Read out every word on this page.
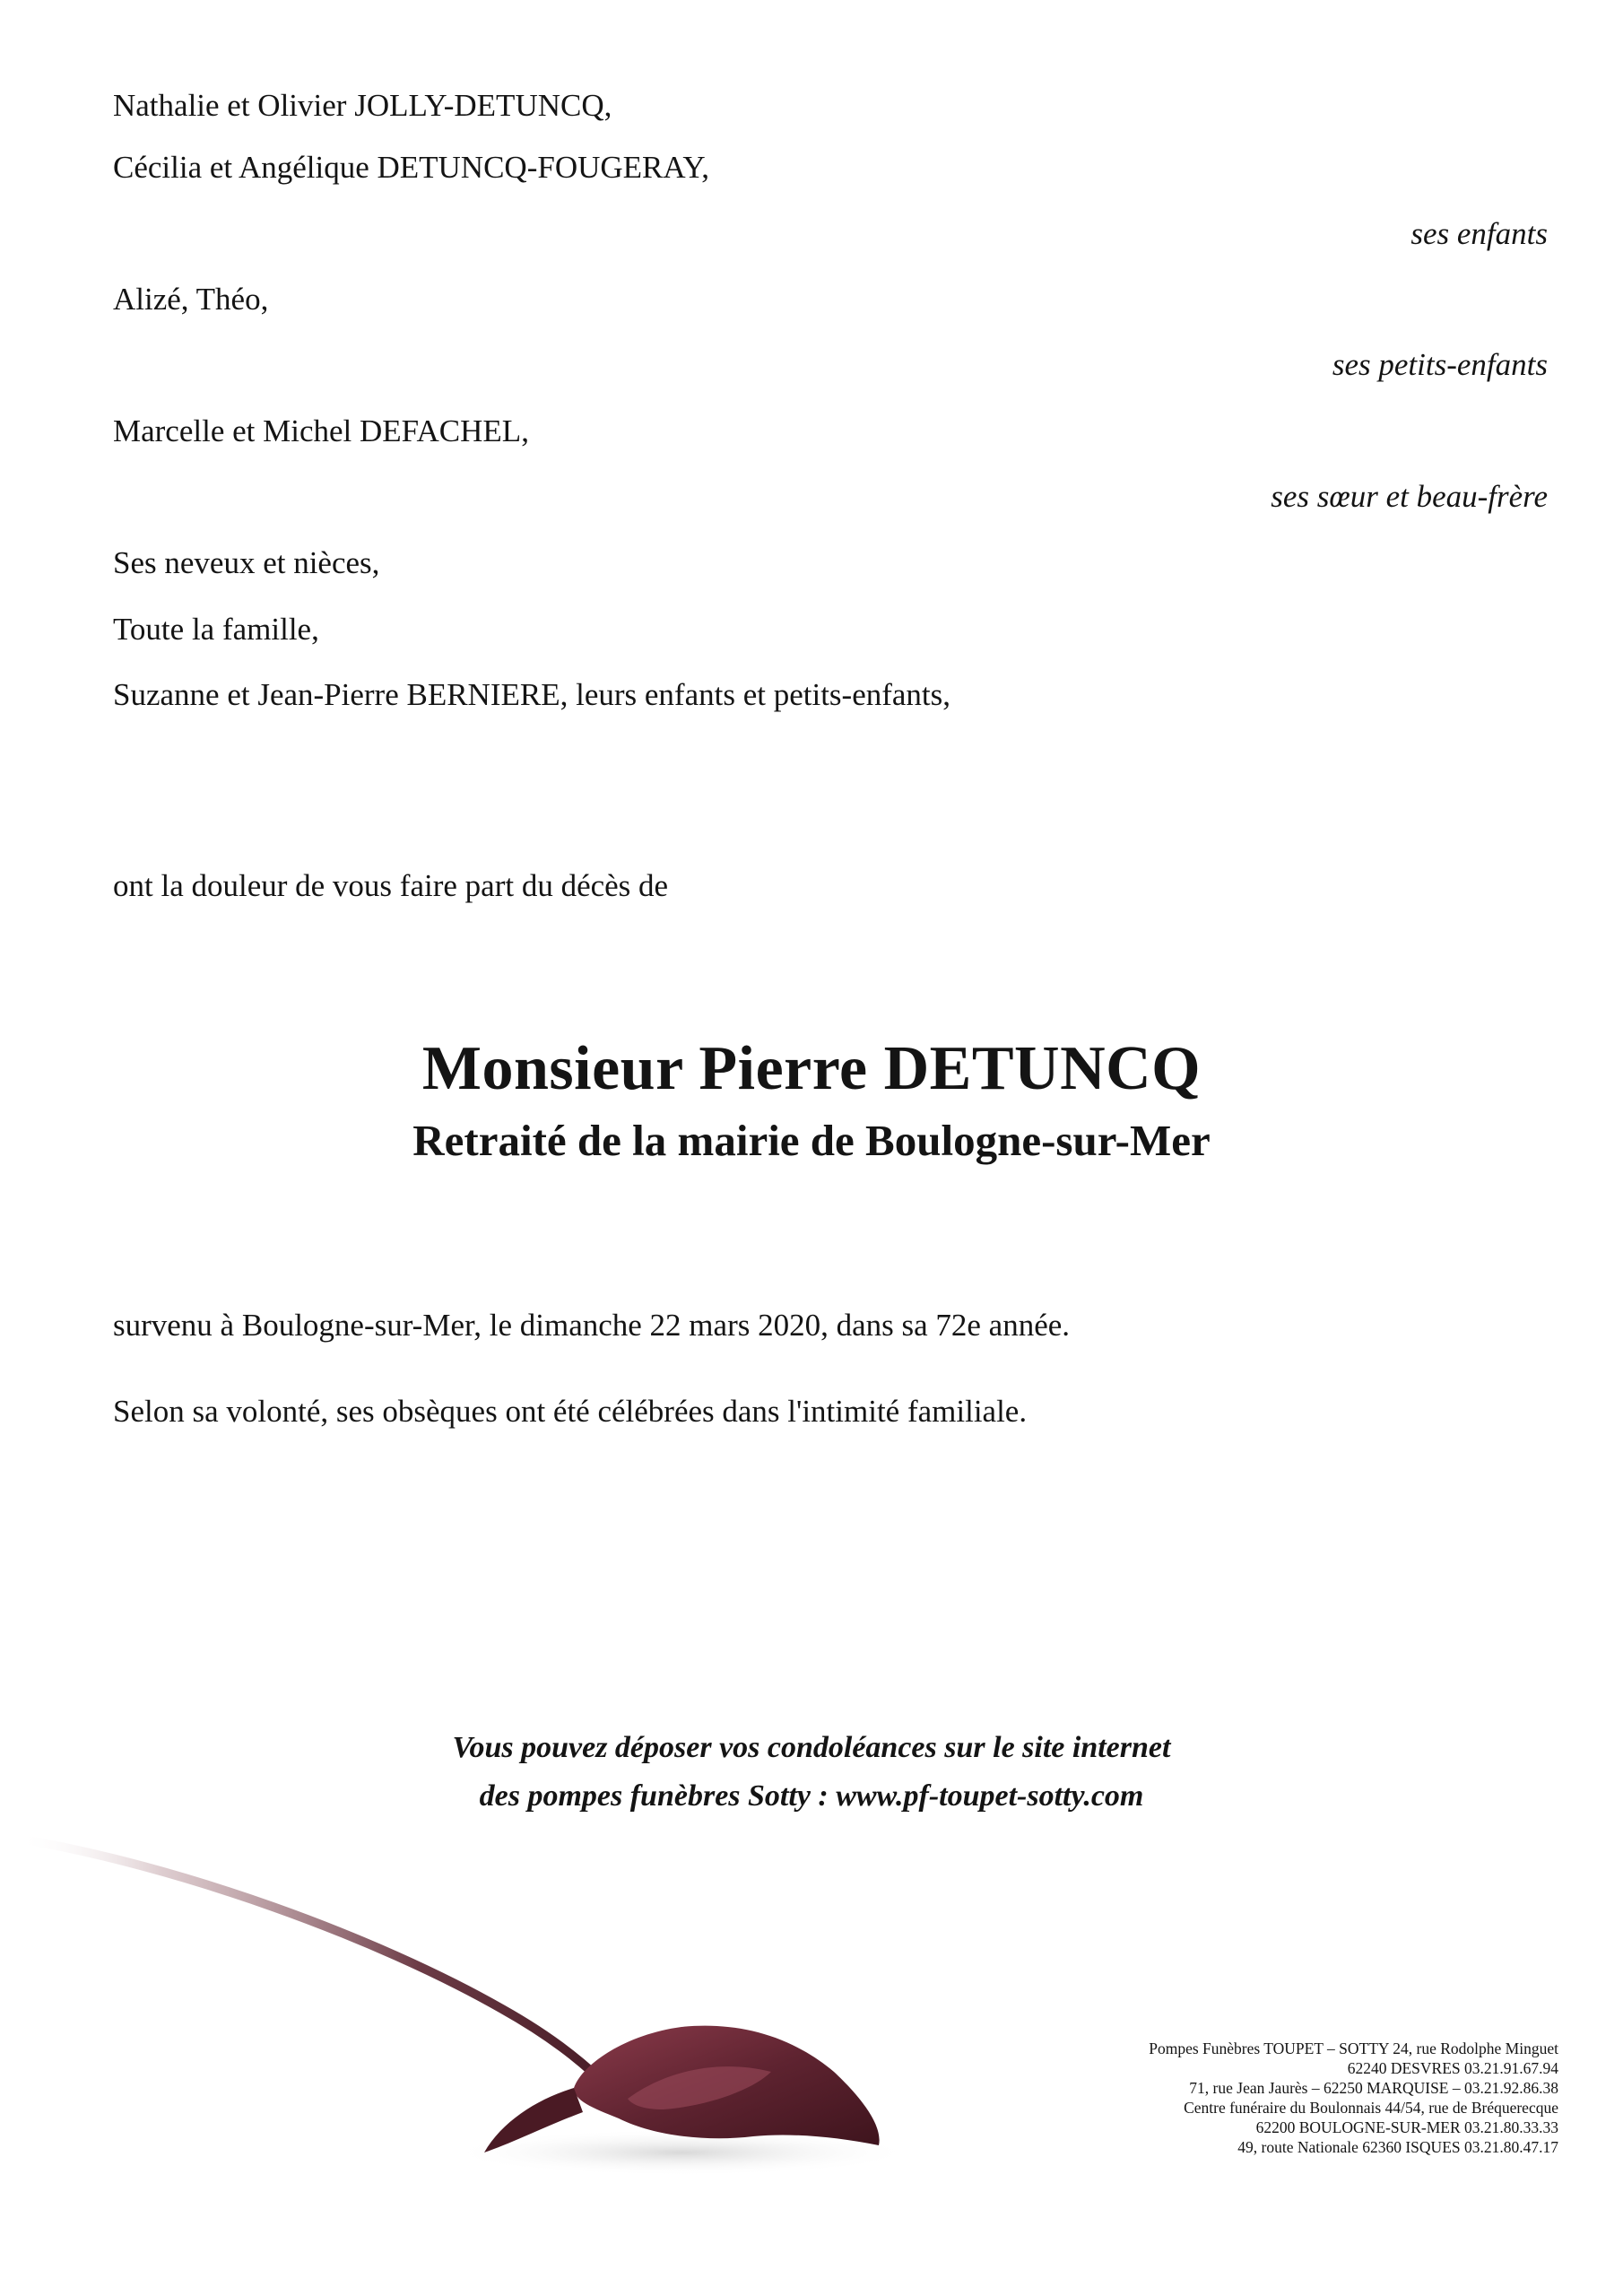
Nathalie et Olivier JOLLY-DETUNCQ,
Cécilia et Angélique DETUNCQ-FOUGERAY,
ses enfants
Alizé, Théo,
ses petits-enfants
Marcelle et Michel DEFACHEL,
ses sœur et beau-frère
Ses neveux et nièces,
Toute la famille,
Suzanne et Jean-Pierre BERNIERE, leurs enfants et petits-enfants,
ont la douleur de vous faire part du décès de
Monsieur Pierre DETUNCQ
Retraité de la mairie de Boulogne-sur-Mer
survenu à Boulogne-sur-Mer, le dimanche 22 mars 2020, dans sa 72e année.
Selon sa volonté, ses obsèques ont été célébrées dans l'intimité familiale.
Vous pouvez déposer vos condoléances sur le site internet
des pompes funèbres Sotty : www.pf-toupet-sotty.com
Pompes Funèbres TOUPET – SOTTY 24, rue Rodolphe Minguet
62240 DESVRES 03.21.91.67.94
71, rue Jean Jaurès – 62250 MARQUISE – 03.21.92.86.38
Centre funéraire du Boulonnais 44/54, rue de Bréquerecque
62200 BOULOGNE-SUR-MER 03.21.80.33.33
49, route Nationale 62360 ISQUES 03.21.80.47.17
